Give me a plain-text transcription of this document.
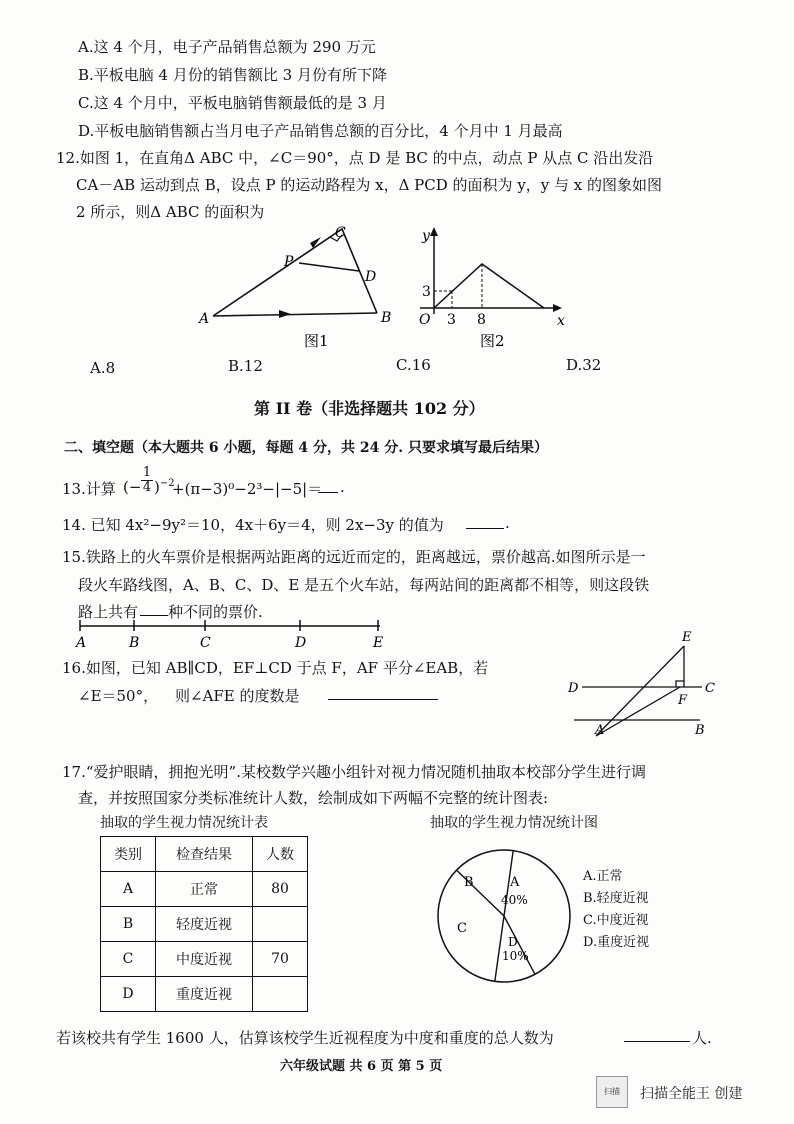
A.这 4 个月，电子产品销售总额为 290 万元
B.平板电脑 4 月份的销售额比 3 月份有所下降
C.这 4 个月中，平板电脑销售额最低的是 3 月
D.平板电脑销售额占当月电子产品销售总额的百分比，4 个月中 1 月最高
12.如图 1，在直角Δ ABC 中，∠C＝90°，点 D 是 BC 的中点，动点 P 从点 C 沿出发沿
CA－AB 运动到点 B，设点 P 的运动路程为 x，Δ PCD 的面积为 y，y 与 x 的图象如图
2 所示，则Δ ABC 的面积为
A	B
C
D
P
图1
y
x
O 3 8
3
图2
A.8	B.12	C.16	D.32
第 II 卷（非选择题共 102 分）
二、填空题（本大题共 6 小题，每题 4 分，共 24 分. 只要求填写最后结果）
13.计算 (− $\frac{1}{4} )^{-2}$
+(π−3)⁰−2³−|−5|＝ .
14. 已知 4x²−9y²＝10，4x＋6y＝4，则 2x−3y 的值为	.
15.铁路上的火车票价是根据两站距离的远近而定的，距离越远，票价越高.如图所示是一
段火车路线图，A、B、C、D、E 是五个火车站，每两站间的距离都不相等，则这段铁
路上共有 种不同的票价.
A	B	C	D	E
16.如图，已知 AB∥CD，EF⊥CD 于点 F，AF 平分∠EAB，若
∠E＝50°， 则∠AFE 的度数是	D	C
E
F
A	B
17.“爱护眼睛，拥抱光明”.某校数学兴趣小组针对视力情况随机抽取本校部分学生进行调
查，并按照国家分类标准统计人数，绘制成如下两幅不完整的统计图表:
抽取的学生视力情况统计表	抽取的学生视力情况统计图
类别	检查结果	人数
A	正常	80
B	轻度近视	
C	中度近视	70
D	重度近视	
A
40%
D
10%
C
B	A.正常
B.轻度近视
C.中度近视
D.重度近视
若该校共有学生 1600 人，估算该校学生近视程度为中度和重度的总人数为	人.
六年级试题 共 6 页 第 5 页
扫描	扫描全能王 创建
